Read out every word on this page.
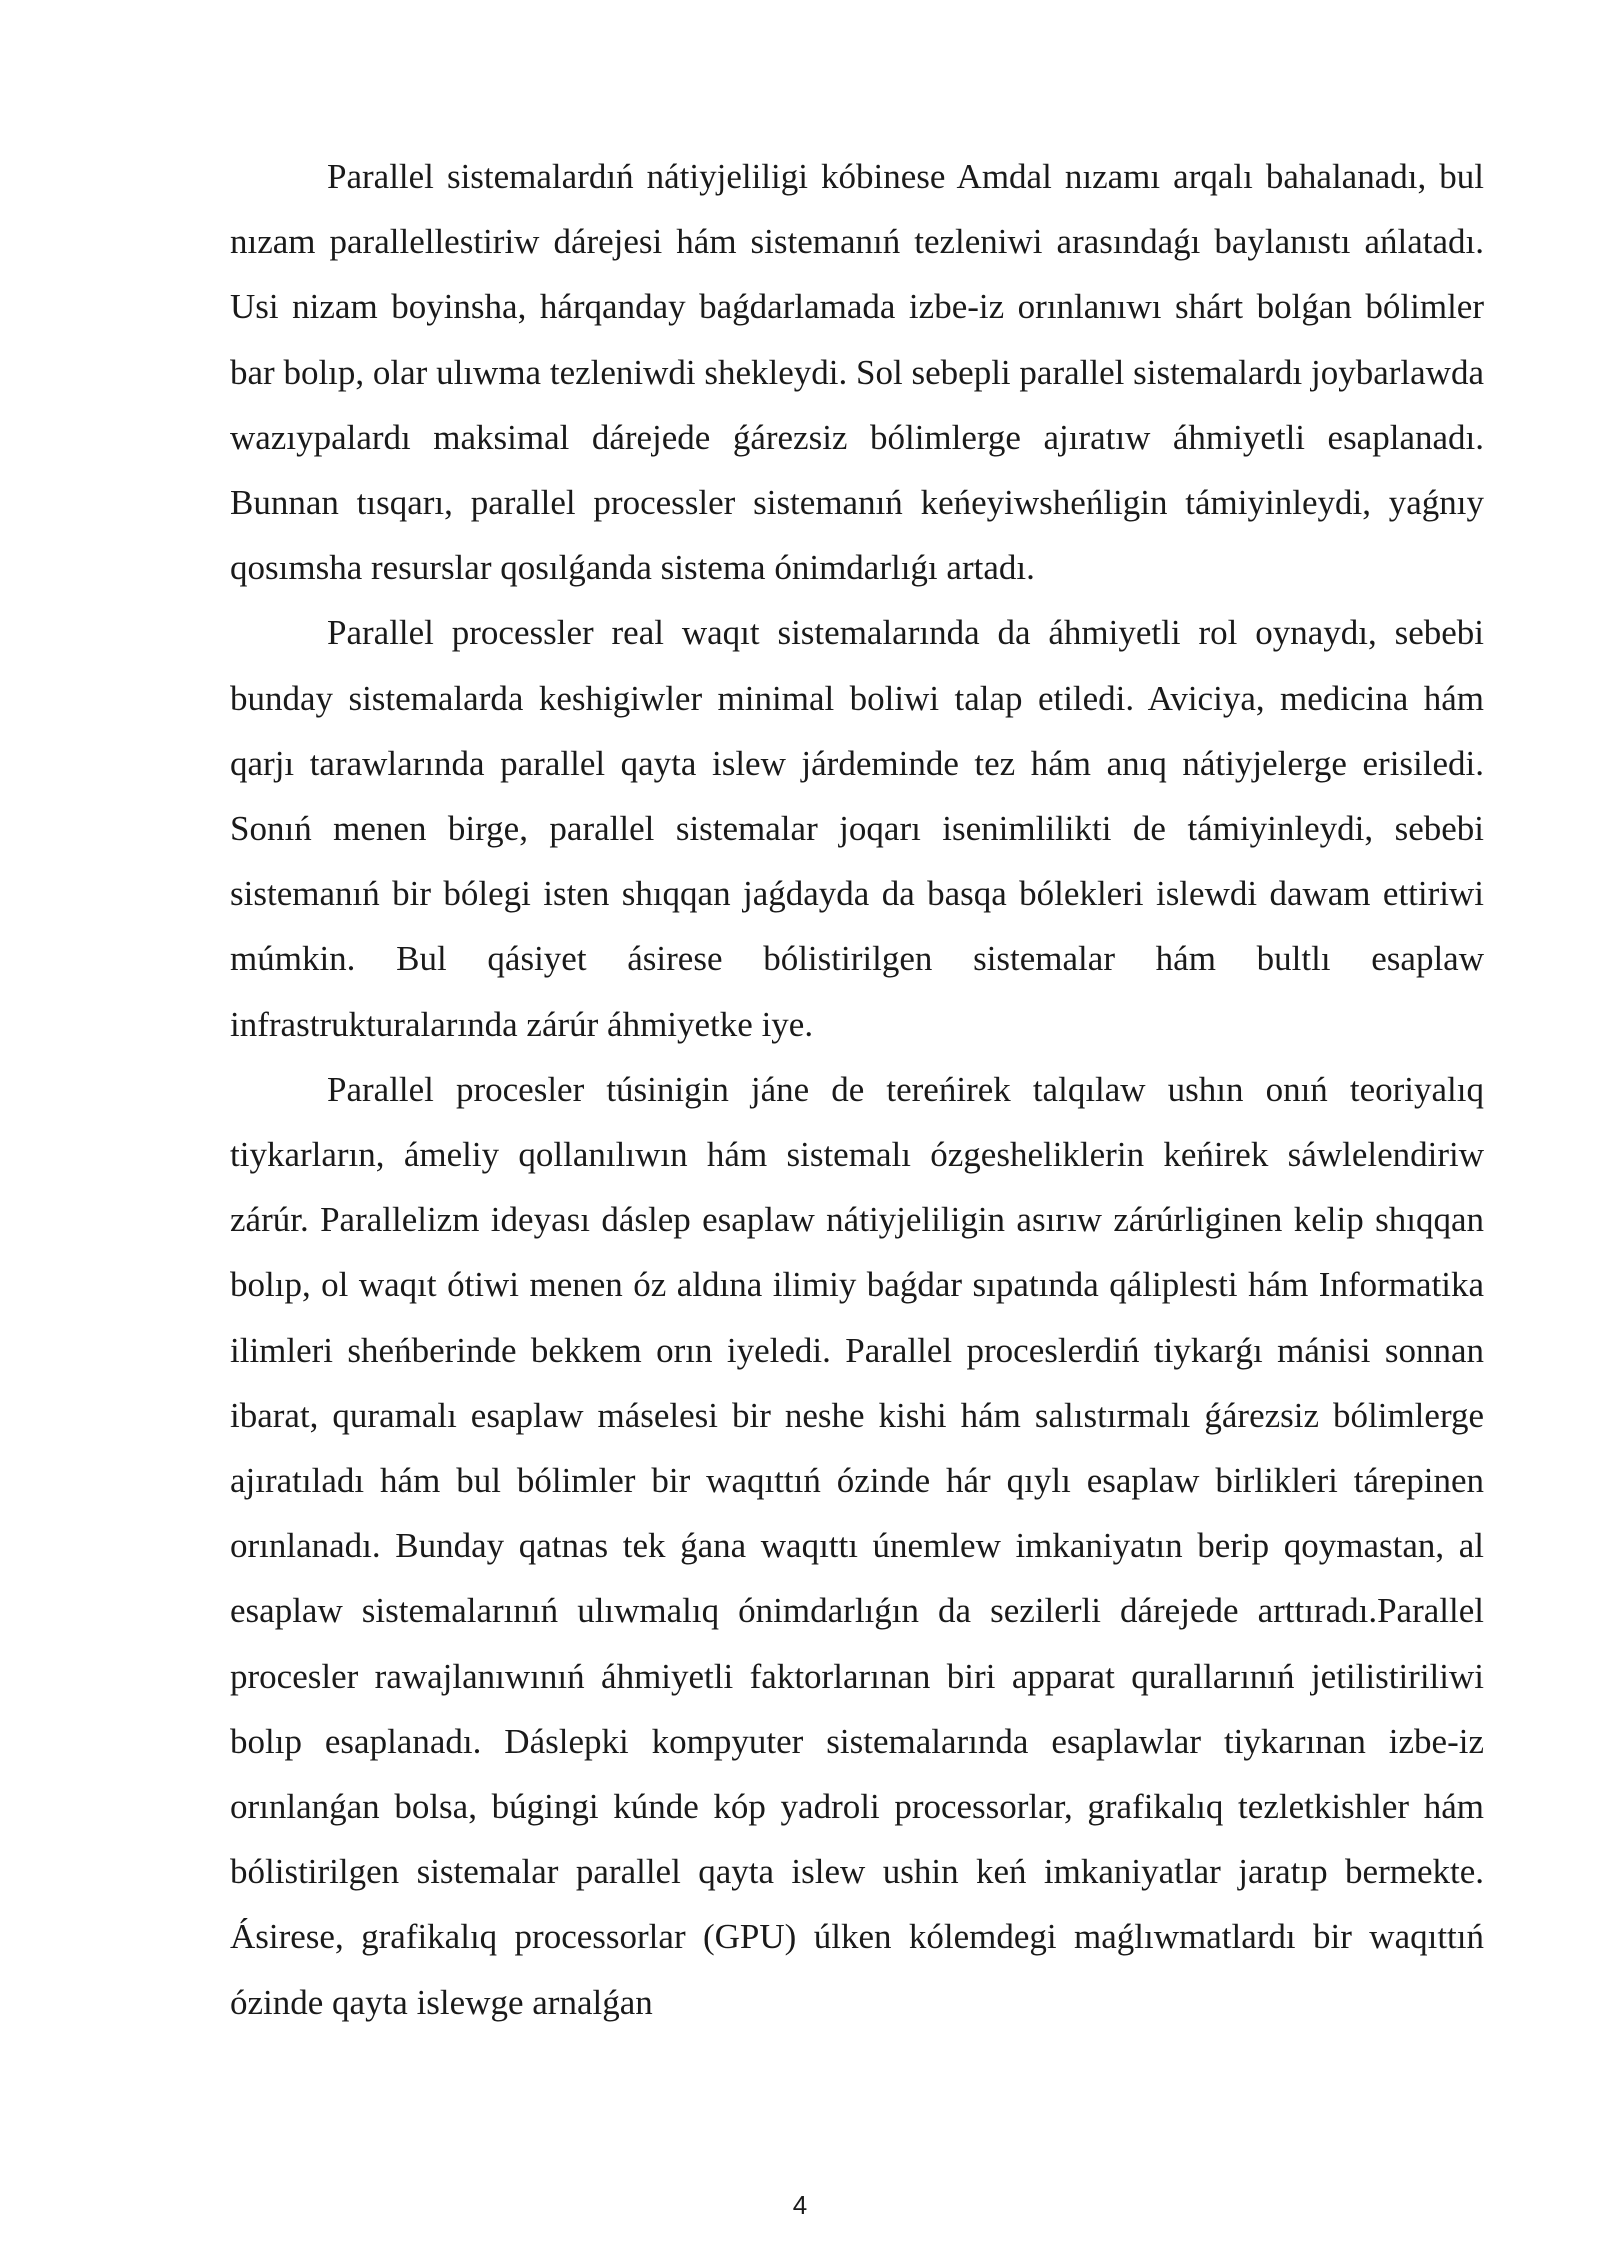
Parallel sistemalardıń nátiyjeliligi kóbinese Amdal nızamı arqalı bahalanadı, bul nızam parallellestiriw dárejesi hám sistemanıń tezleniwi arasındaǵı baylanıstı ańlatadı. Usi nizam boyinsha, hárqanday baǵdarlamada izbe-iz orınlanıwı shárt bolǵan bólimler bar bolıp, olar ulıwma tezleniwdi shekleydi. Sol sebepli parallel sistemalardı joybarlawda wazıypalardı maksimal dárejede ǵárezsiz bólimlerge ajıratıw áhmiyetli esaplanadı. Bunnan tısqarı, parallel processler sistemanıń keńeyiwsheńligin támiyinleydi, yaǵnıy qosımsha resurslar qosılǵanda sistema ónimdarlıǵı artadı.

Parallel processler real waqıt sistemalarında da áhmiyetli rol oynaydı, sebebi bunday sistemalarda keshigiwler minimal boliwi talap etiledi. Aviciya, medicina hám qarjı tarawlarında parallel qayta islew járdeminde tez hám anıq nátiyjelerge erisiledi. Sonıń menen birge, parallel sistemalar joqarı isenimlilikti de támiyinleydi, sebebi sistemanıń bir bólegi isten shıqqan jaǵdayda da basqa bólekleri islewdi dawam ettiriwi múmkin. Bul qásiyet ásirese bólistirilgen sistemalar hám bultlı esaplaw infrastrukturalarında zárúr áhmiyetke iye.

Parallel procesler túsinigin jáne de tereńirek talqılaw ushın onıń teoriyalıq tiykarların, ámeliy qollanılıwın hám sistemalı ózgesheliklerin keńirek sáwlelendiriw zárúr. Parallelizm ideyası dáslep esaplaw nátiyjeliligin asırıw zárúrliginen kelip shıqqan bolıp, ol waqıt ótiwi menen óz aldına ilimiy baǵdar sıpatında qáliplesti hám Informatika ilimleri sheńberinde bekkem orın iyeledi. Parallel proceslerdiń tiykarǵı mánisi sonnan ibarat, quramalı esaplaw máselesi bir neshe kishi hám salıstırmalı ǵárezsiz bólimlerge ajıratıladı hám bul bólimler bir waqıttıń ózinde hár qıylı esaplaw birlikleri tárepinen orınlanadı. Bunday qatnas tek ǵana waqıttı únemlew imkaniyatın berip qoymastan, al esaplaw sistemalarınıń ulıwmalıq ónimdarlıǵın da sezilerli dárejede arttıradı.Parallel procesler rawajlanıwınıń áhmiyetli faktorlarınan biri apparat qurallarınıń jetilistiriliwi bolıp esaplanadı. Dáslepki kompyuter sistemalarında esaplawlar tiykarınan izbe-iz orınlanǵan bolsa, búgingi kúnde kóp yadroli processorlar, grafikalıq tezletkishler hám bólistirilgen sistemalar parallel qayta islew ushin keń imkaniyatlar jaratıp bermekte. Ásirese, grafikalıq processorlar (GPU) úlken kólemdegi maǵlıwmatlardı bir waqıttıń ózinde qayta islewge arnalǵan

4
